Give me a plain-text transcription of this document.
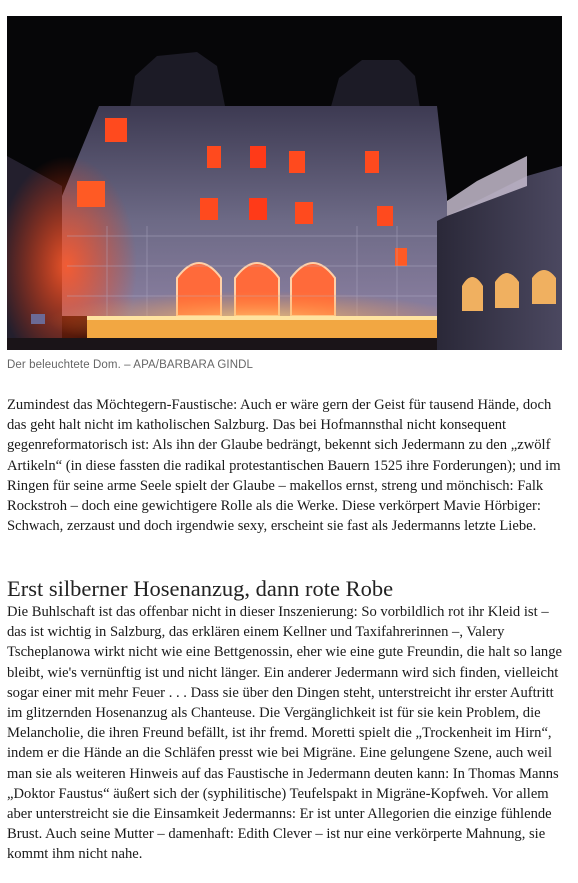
Der beleuchtete Dom. – APA/BARBARA GINDL

Zumindest das Möchtegern-Faustische: Auch er wäre gern der Geist für tausend Hände, doch das geht halt nicht im katholischen Salzburg. Das bei Hofmannsthal nicht konsequent gegenreformatorisch ist: Als ihn der Glaube bedrängt, bekennt sich Jedermann zu den „zwölf Artikeln“ (in diese fassten die radikal protestantischen Bauern 1525 ihre Forderungen); und im Ringen für seine arme Seele spielt der Glaube – makellos ernst, streng und mönchisch: Falk Rockstroh – doch eine gewichtigere Rolle als die Werke. Diese verkörpert Mavie Hörbiger: Schwach, zerzaust und doch irgendwie sexy, erscheint sie fast als Jedermanns letzte Liebe.

Erst silberner Hosenanzug, dann rote Robe

Die Buhlschaft ist das offenbar nicht in dieser Inszenierung: So vorbildlich rot ihr Kleid ist – das ist wichtig in Salzburg, das erklären einem Kellner und Taxifahrerinnen –, Valery Tscheplanowa wirkt nicht wie eine Bettgenossin, eher wie eine gute Freundin, die halt so lange bleibt, wie's vernünftig ist und nicht länger. Ein anderer Jedermann wird sich finden, vielleicht sogar einer mit mehr Feuer . . . Dass sie über den Dingen steht, unterstreicht ihr erster Auftritt im glitzernden Hosenanzug als Chanteuse. Die Vergänglichkeit ist für sie kein Problem, die Melancholie, die ihren Freund befällt, ist ihr fremd. Moretti spielt die „Trockenheit im Hirn“, indem er die Hände an die Schläfen presst wie bei Migräne. Eine gelungene Szene, auch weil man sie als weiteren Hinweis auf das Faustische in Jedermann deuten kann: In Thomas Manns „Doktor Faustus“ äußert sich der (syphilitische) Teufelspakt in Migräne-Kopfweh. Vor allem aber unterstreicht sie die Einsamkeit Jedermanns: Er ist unter Allegorien die einzige fühlende Brust. Auch seine Mutter – damenhaft: Edith Clever – ist nur eine verkörperte Mahnung, sie kommt ihm nicht nahe.
